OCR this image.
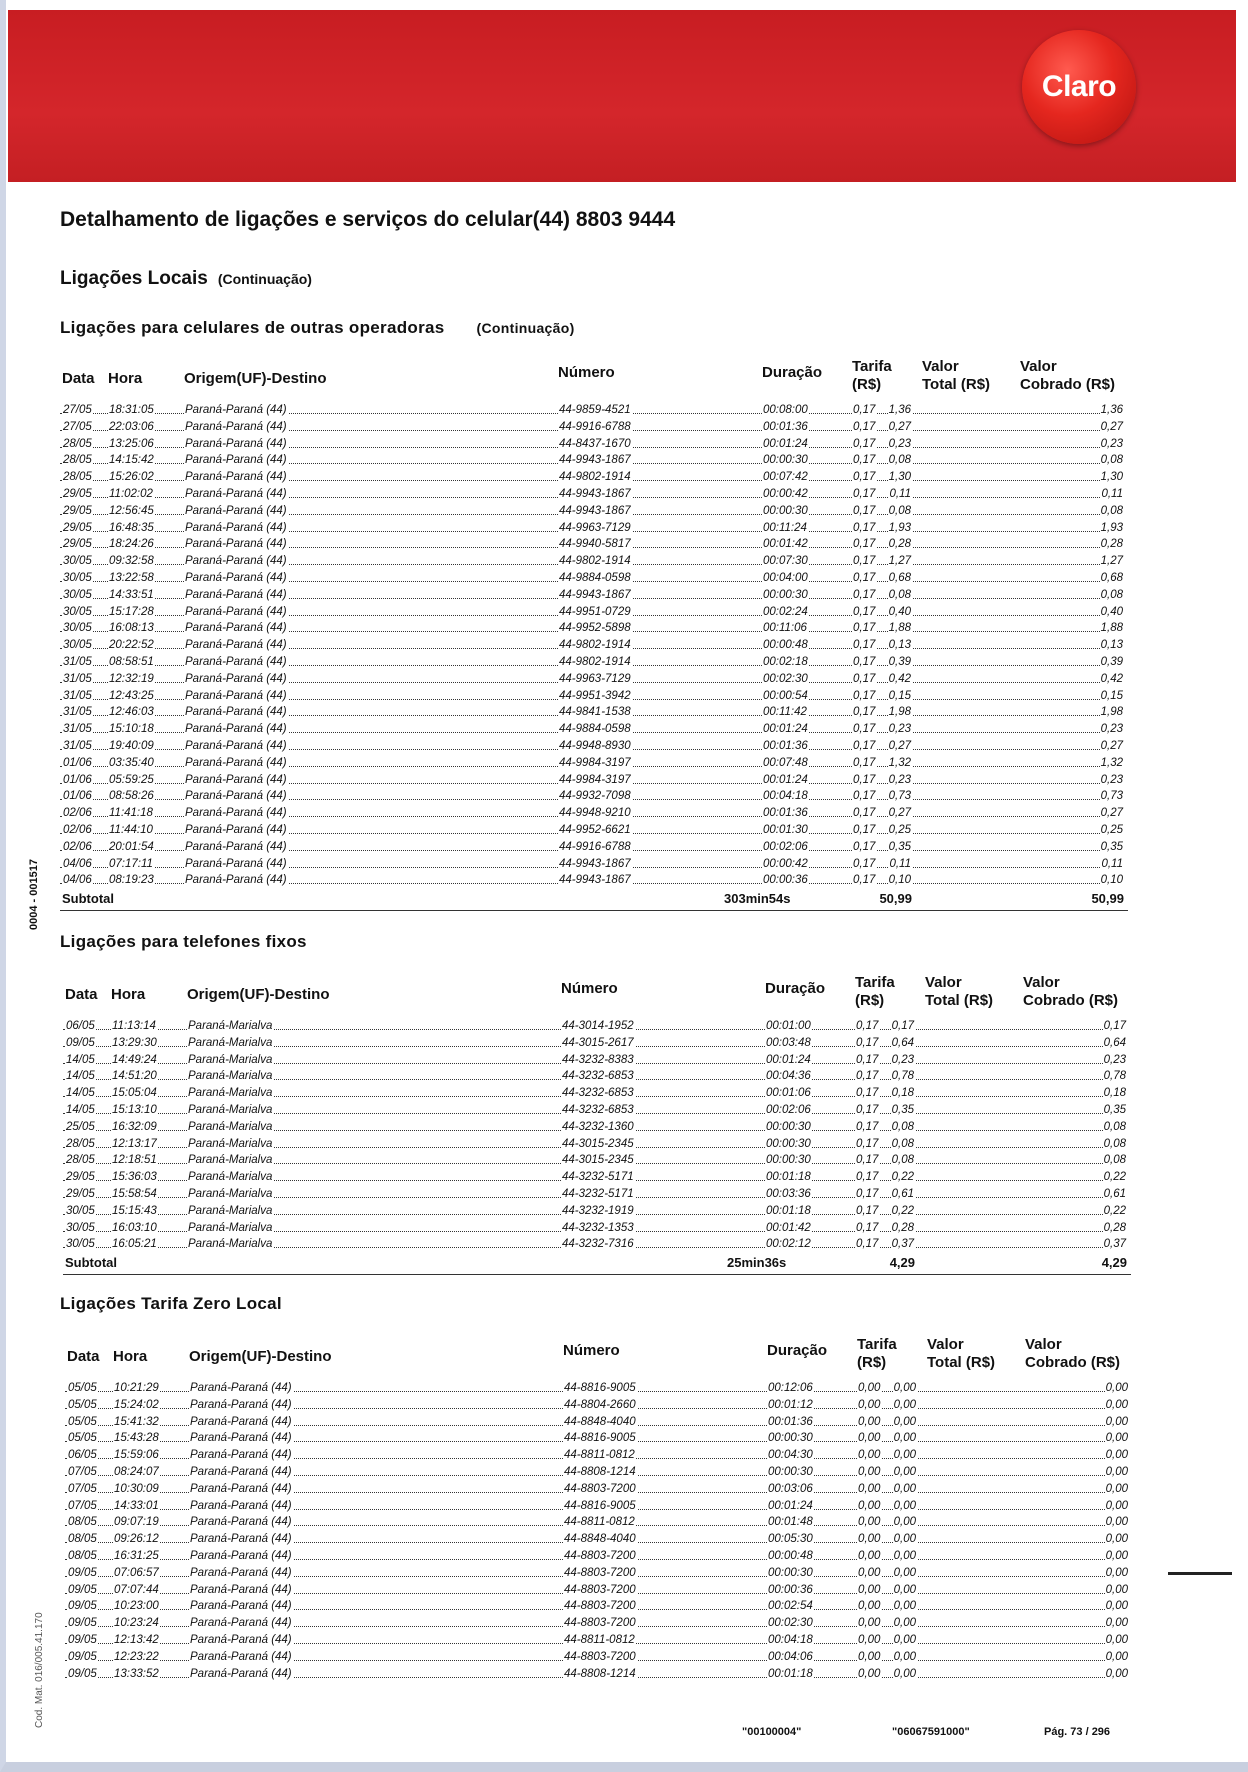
Claro
Detalhamento de ligações e serviços do celular(44) 8803 9444
Ligações Locais (Continuação)
Ligações para celulares de outras operadoras (Continuação)
Data Hora	Origem(UF)-Destino	Número	Duração Tarifa
(R$)
Valor
Total (R$)
Valor
Cobrado (R$)
27/05 18:31:05	Paraná-Paraná (44)	44-9859-4521	00:08:00	0,17 1,36	1,36
27/05 22:03:06	Paraná-Paraná (44)	44-9916-6788	00:01:36	0,17 0,27	0,27
28/05 13:25:06	Paraná-Paraná (44)	44-8437-1670	00:01:24	0,17 0,23	0,23
28/05 14:15:42	Paraná-Paraná (44)	44-9943-1867	00:00:30	0,17 0,08	0,08
28/05 15:26:02	Paraná-Paraná (44)	44-9802-1914	00:07:42	0,17 1,30	1,30
29/05 11:02:02	Paraná-Paraná (44)	44-9943-1867	00:00:42	0,17 0,11	0,11
29/05 12:56:45	Paraná-Paraná (44)	44-9943-1867	00:00:30	0,17 0,08	0,08
29/05 16:48:35	Paraná-Paraná (44)	44-9963-7129	00:11:24	0,17 1,93	1,93
29/05 18:24:26	Paraná-Paraná (44)	44-9940-5817	00:01:42	0,17 0,28	0,28
30/05 09:32:58	Paraná-Paraná (44)	44-9802-1914	00:07:30	0,17 1,27	1,27
30/05 13:22:58	Paraná-Paraná (44)	44-9884-0598	00:04:00	0,17 0,68	0,68
30/05 14:33:51	Paraná-Paraná (44)	44-9943-1867	00:00:30	0,17 0,08	0,08
30/05 15:17:28	Paraná-Paraná (44)	44-9951-0729	00:02:24	0,17 0,40	0,40
30/05 16:08:13	Paraná-Paraná (44)	44-9952-5898	00:11:06	0,17 1,88	1,88
30/05 20:22:52	Paraná-Paraná (44)	44-9802-1914	00:00:48	0,17 0,13	0,13
31/05 08:58:51	Paraná-Paraná (44)	44-9802-1914	00:02:18	0,17 0,39	0,39
31/05 12:32:19	Paraná-Paraná (44)	44-9963-7129	00:02:30	0,17 0,42	0,42
31/05 12:43:25	Paraná-Paraná (44)	44-9951-3942	00:00:54	0,17 0,15	0,15
31/05 12:46:03	Paraná-Paraná (44)	44-9841-1538	00:11:42	0,17 1,98	1,98
31/05 15:10:18	Paraná-Paraná (44)	44-9884-0598	00:01:24	0,17 0,23	0,23
31/05 19:40:09	Paraná-Paraná (44)	44-9948-8930	00:01:36	0,17 0,27	0,27
01/06 03:35:40	Paraná-Paraná (44)	44-9984-3197	00:07:48	0,17 1,32	1,32
01/06 05:59:25	Paraná-Paraná (44)	44-9984-3197	00:01:24	0,17 0,23	0,23
01/06 08:58:26	Paraná-Paraná (44)	44-9932-7098	00:04:18	0,17 0,73	0,73
02/06 11:41:18	Paraná-Paraná (44)	44-9948-9210	00:01:36	0,17 0,27	0,27
02/06 11:44:10	Paraná-Paraná (44)	44-9952-6621	00:01:30	0,17 0,25	0,25
02/06 20:01:54	Paraná-Paraná (44)	44-9916-6788	00:02:06	0,17 0,35	0,35
04/06 07:17:11	Paraná-Paraná (44)	44-9943-1867	00:00:42	0,17 0,11	0,11
04/06 08:19:23	Paraná-Paraná (44)	44-9943-1867	00:00:36	0,17 0,10	0,10
Subtotal	303min54s	50,99	50,99
Ligações para telefones fixos
Data Hora	Origem(UF)-Destino	Número	Duração Tarifa
(R$)
Valor
Total (R$)
Valor
Cobrado (R$)
06/05 11:13:14	Paraná-Marialva	44-3014-1952	00:01:00	0,17 0,17	0,17
09/05 13:29:30	Paraná-Marialva	44-3015-2617	00:03:48	0,17 0,64	0,64
14/05 14:49:24	Paraná-Marialva	44-3232-8383	00:01:24	0,17 0,23	0,23
14/05 14:51:20	Paraná-Marialva	44-3232-6853	00:04:36	0,17 0,78	0,78
14/05 15:05:04	Paraná-Marialva	44-3232-6853	00:01:06	0,17 0,18	0,18
14/05 15:13:10	Paraná-Marialva	44-3232-6853	00:02:06	0,17 0,35	0,35
25/05 16:32:09	Paraná-Marialva	44-3232-1360	00:00:30	0,17 0,08	0,08
28/05 12:13:17	Paraná-Marialva	44-3015-2345	00:00:30	0,17 0,08	0,08
28/05 12:18:51	Paraná-Marialva	44-3015-2345	00:00:30	0,17 0,08	0,08
29/05 15:36:03	Paraná-Marialva	44-3232-5171	00:01:18	0,17 0,22	0,22
29/05 15:58:54	Paraná-Marialva	44-3232-5171	00:03:36	0,17 0,61	0,61
30/05 15:15:43	Paraná-Marialva	44-3232-1919	00:01:18	0,17 0,22	0,22
30/05 16:03:10	Paraná-Marialva	44-3232-1353	00:01:42	0,17 0,28	0,28
30/05 16:05:21	Paraná-Marialva	44-3232-7316	00:02:12	0,17 0,37	0,37
Subtotal	25min36s	4,29	4,29
Ligações Tarifa Zero Local
Data Hora	Origem(UF)-Destino	Número	Duração Tarifa
(R$)
Valor
Total (R$)
Valor
Cobrado (R$)
05/05 10:21:29	Paraná-Paraná (44)	44-8816-9005	00:12:06	0,00 0,00	0,00
05/05 15:24:02	Paraná-Paraná (44)	44-8804-2660	00:01:12	0,00 0,00	0,00
05/05 15:41:32	Paraná-Paraná (44)	44-8848-4040	00:01:36	0,00 0,00	0,00
05/05 15:43:28	Paraná-Paraná (44)	44-8816-9005	00:00:30	0,00 0,00	0,00
06/05 15:59:06	Paraná-Paraná (44)	44-8811-0812	00:04:30	0,00 0,00	0,00
07/05 08:24:07	Paraná-Paraná (44)	44-8808-1214	00:00:30	0,00 0,00	0,00
07/05 10:30:09	Paraná-Paraná (44)	44-8803-7200	00:03:06	0,00 0,00	0,00
07/05 14:33:01	Paraná-Paraná (44)	44-8816-9005	00:01:24	0,00 0,00	0,00
08/05 09:07:19	Paraná-Paraná (44)	44-8811-0812	00:01:48	0,00 0,00	0,00
08/05 09:26:12	Paraná-Paraná (44)	44-8848-4040	00:05:30	0,00 0,00	0,00
08/05 16:31:25	Paraná-Paraná (44)	44-8803-7200	00:00:48	0,00 0,00	0,00
09/05 07:06:57	Paraná-Paraná (44)	44-8803-7200	00:00:30	0,00 0,00	0,00
09/05 07:07:44	Paraná-Paraná (44)	44-8803-7200	00:00:36	0,00 0,00	0,00
09/05 10:23:00	Paraná-Paraná (44)	44-8803-7200	00:02:54	0,00 0,00	0,00
09/05 10:23:24	Paraná-Paraná (44)	44-8803-7200	00:02:30	0,00 0,00	0,00
09/05 12:13:42	Paraná-Paraná (44)	44-8811-0812	00:04:18	0,00 0,00	0,00
09/05 12:23:22	Paraná-Paraná (44)	44-8803-7200	00:04:06	0,00 0,00	0,00
09/05 13:33:52	Paraná-Paraná (44)	44-8808-1214	00:01:18	0,00 0,00	0,00
0004 - 001517
Cod. Mat. 016/005.41.170
"00100004"	"06067591000"	Pág. 73 / 296
